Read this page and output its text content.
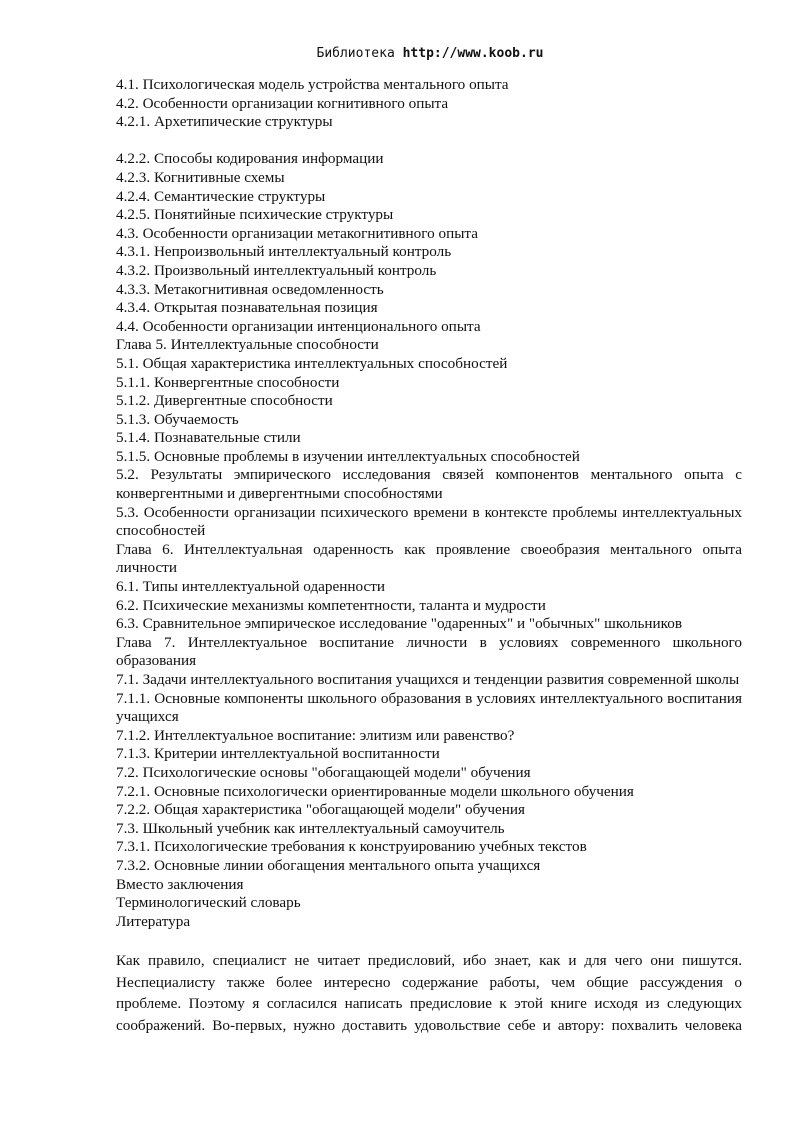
Библиотека http://www.koob.ru
4.1. Психологическая модель устройства ментального опыта
4.2. Особенности организации когнитивного опыта
4.2.1. Архетипические структуры
4.2.2. Способы кодирования информации
4.2.3. Когнитивные схемы
4.2.4. Семантические структуры
4.2.5. Понятийные психические структуры
4.3. Особенности организации метакогнитивного опыта
4.3.1. Непроизвольный интеллектуальный контроль
4.3.2. Произвольный интеллектуальный контроль
4.3.3. Метакогнитивная осведомленность
4.3.4. Открытая познавательная позиция
4.4. Особенности организации интенционального опыта
Глава 5. Интеллектуальные способности
5.1. Общая характеристика интеллектуальных способностей
5.1.1. Конвергентные способности
5.1.2. Дивергентные способности
5.1.3. Обучаемость
5.1.4. Познавательные стили
5.1.5. Основные проблемы в изучении интеллектуальных способностей
5.2. Результаты эмпирического исследования связей компонентов ментального опыта с конвергентными и дивергентными способностями
5.3. Особенности организации психического времени в контексте проблемы интеллектуальных способностей
Глава 6. Интеллектуальная одаренность как проявление своеобразия ментального опыта личности
6.1. Типы интеллектуальной одаренности
6.2. Психические механизмы компетентности, таланта и мудрости
6.3. Сравнительное эмпирическое исследование "одаренных" и "обычных" школьников
Глава 7. Интеллектуальное воспитание личности в условиях современного школьного образования
7.1. Задачи интеллектуального воспитания учащихся и тенденции развития современной школы
7.1.1. Основные компоненты школьного образования в условиях интеллектуального воспитания учащихся
7.1.2. Интеллектуальное воспитание: элитизм или равенство?
7.1.3. Критерии интеллектуальной воспитанности
7.2. Психологические основы "обогащающей модели" обучения
7.2.1. Основные психологически ориентированные модели школьного обучения
7.2.2. Общая характеристика "обогащающей модели" обучения
7.3. Школьный учебник как интеллектуальный самоучитель
7.3.1. Психологические требования к конструированию учебных текстов
7.3.2. Основные линии обогащения ментального опыта учащихся
Вместо заключения
Терминологический словарь
Литература
Как правило, специалист не читает предисловий, ибо знает, как и для чего они пишутся. Неспециалисту также более интересно содержание работы, чем общие рассуждения о проблеме. Поэтому я согласился написать предисловие к этой книге исходя из следующих соображений. Во-первых, нужно доставить удовольствие себе и автору: похвалить человека
